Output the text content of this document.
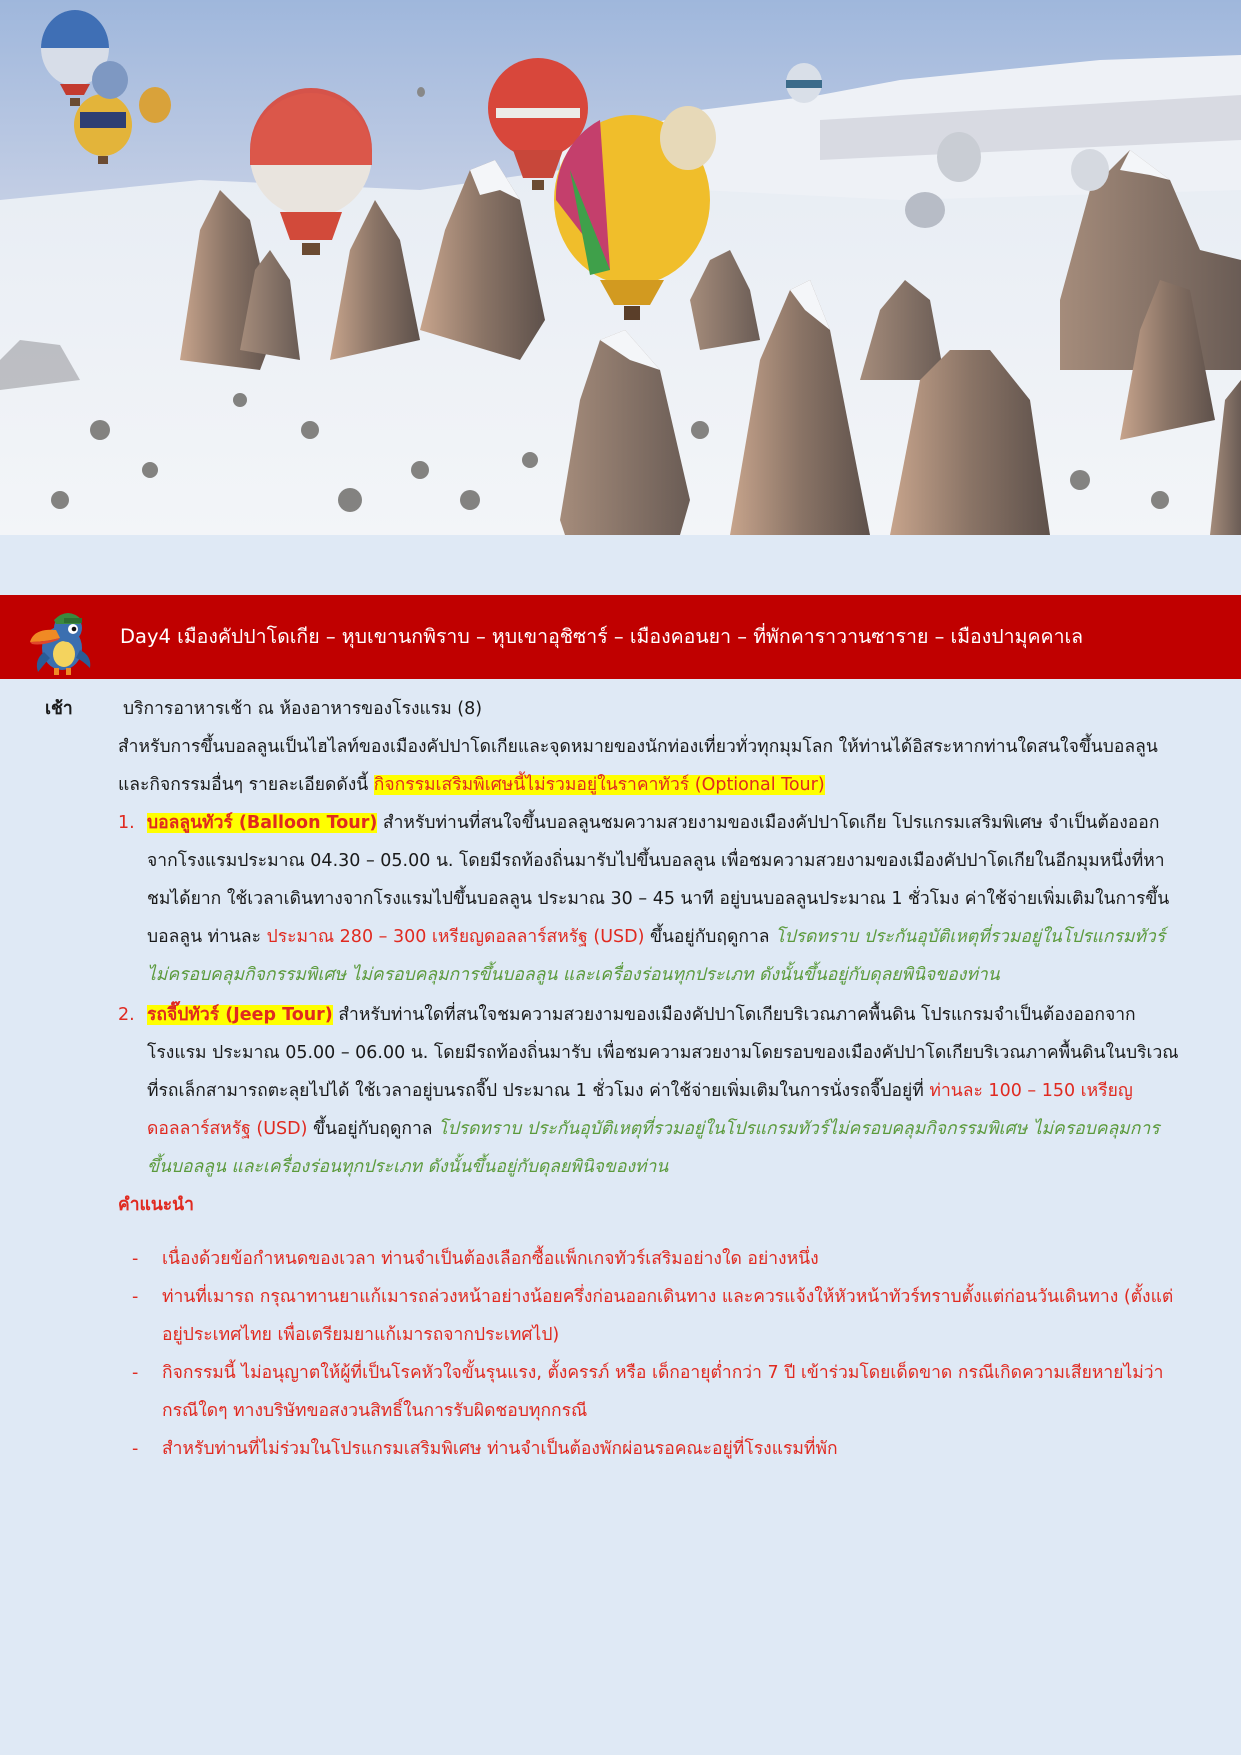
Day4 เมืองคัปปาโดเกีย – หุบเขานกพิราบ – หุบเขาอุชิซาร์ – เมืองคอนยา – ที่พักคาราวานซาราย – เมืองปามุคคาเล
เช้า	บริการอาหารเช้า ณ ห้องอาหารของโรงแรม (8)
สำหรับการขึ้นบอลลูนเป็นไฮไลท์ของเมืองคัปปาโดเกียและจุดหมายของนักท่องเที่ยวทั่วทุกมุมโลก ให้ท่านได้อิสระหากท่านใดสนใจขึ้นบอลลูน
และกิจกรรมอื่นๆ รายละเอียดดังนี้ กิจกรรมเสริมพิเศษนี้ไม่รวมอยู่ในราคาทัวร์ (Optional Tour)
1. บอลลูนทัวร์ (Balloon Tour) สำหรับท่านที่สนใจขึ้นบอลลูนชมความสวยงามของเมืองคัปปาโดเกีย โปรแกรมเสริมพิเศษ จำเป็นต้องออก
จากโรงแรมประมาณ 04.30 – 05.00 น. โดยมีรถท้องถิ่นมารับไปขึ้นบอลลูน เพื่อชมความสวยงามของเมืองคัปปาโดเกียในอีกมุมหนึ่งที่หา
ชมได้ยาก ใช้เวลาเดินทางจากโรงแรมไปขึ้นบอลลูน ประมาณ 30 – 45 นาที อยู่บนบอลลูนประมาณ 1 ชั่วโมง ค่าใช้จ่ายเพิ่มเติมในการขึ้น
บอลลูน ท่านละ ประมาณ 280 – 300 เหรียญดอลลาร์สหรัฐ (USD) ขึ้นอยู่กับฤดูกาล โปรดทราบ ประกันอุบัติเหตุที่รวมอยู่ในโปรแกรมทัวร์
ไม่ครอบคลุมกิจกรรมพิเศษ ไม่ครอบคลุมการขึ้นบอลลูน และเครื่องร่อนทุกประเภท ดังนั้นขึ้นอยู่กับดุลยพินิจของท่าน
2. รถจี๊ปทัวร์ (Jeep Tour) สำหรับท่านใดที่สนใจชมความสวยงามของเมืองคัปปาโดเกียบริเวณภาคพื้นดิน โปรแกรมจำเป็นต้องออกจาก
โรงแรม ประมาณ 05.00 – 06.00 น. โดยมีรถท้องถิ่นมารับ เพื่อชมความสวยงามโดยรอบของเมืองคัปปาโดเกียบริเวณภาคพื้นดินในบริเวณ
ที่รถเล็กสามารถตะลุยไปได้ ใช้เวลาอยู่บนรถจี๊ป ประมาณ 1 ชั่วโมง ค่าใช้จ่ายเพิ่มเติมในการนั่งรถจี๊ปอยู่ที่ ท่านละ 100 – 150 เหรียญ
ดอลลาร์สหรัฐ (USD) ขึ้นอยู่กับฤดูกาล โปรดทราบ ประกันอุบัติเหตุที่รวมอยู่ในโปรแกรมทัวร์ไม่ครอบคลุมกิจกรรมพิเศษ ไม่ครอบคลุมการ
ขึ้นบอลลูน และเครื่องร่อนทุกประเภท ดังนั้นขึ้นอยู่กับดุลยพินิจของท่าน
คำแนะนำ
- เนื่องด้วยข้อกำหนดของเวลา ท่านจำเป็นต้องเลือกซื้อแพ็กเกจทัวร์เสริมอย่างใด อย่างหนึ่ง
- ท่านที่เมารถ กรุณาทานยาแก้เมารถล่วงหน้าอย่างน้อยครึ่งก่อนออกเดินทาง และควรแจ้งให้หัวหน้าทัวร์ทราบตั้งแต่ก่อนวันเดินทาง (ตั้งแต่
อยู่ประเทศไทย เพื่อเตรียมยาแก้เมารถจากประเทศไป)
- กิจกรรมนี้ ไม่อนุญาตให้ผู้ที่เป็นโรคหัวใจขั้นรุนแรง, ตั้งครรภ์ หรือ เด็กอายุต่ำกว่า 7 ปี เข้าร่วมโดยเด็ดขาด กรณีเกิดความเสียหายไม่ว่า
กรณีใดๆ ทางบริษัทขอสงวนสิทธิ์ในการรับผิดชอบทุกกรณี
- สำหรับท่านที่ไม่ร่วมในโปรแกรมเสริมพิเศษ ท่านจำเป็นต้องพักผ่อนรอคณะอยู่ที่โรงแรมที่พัก
